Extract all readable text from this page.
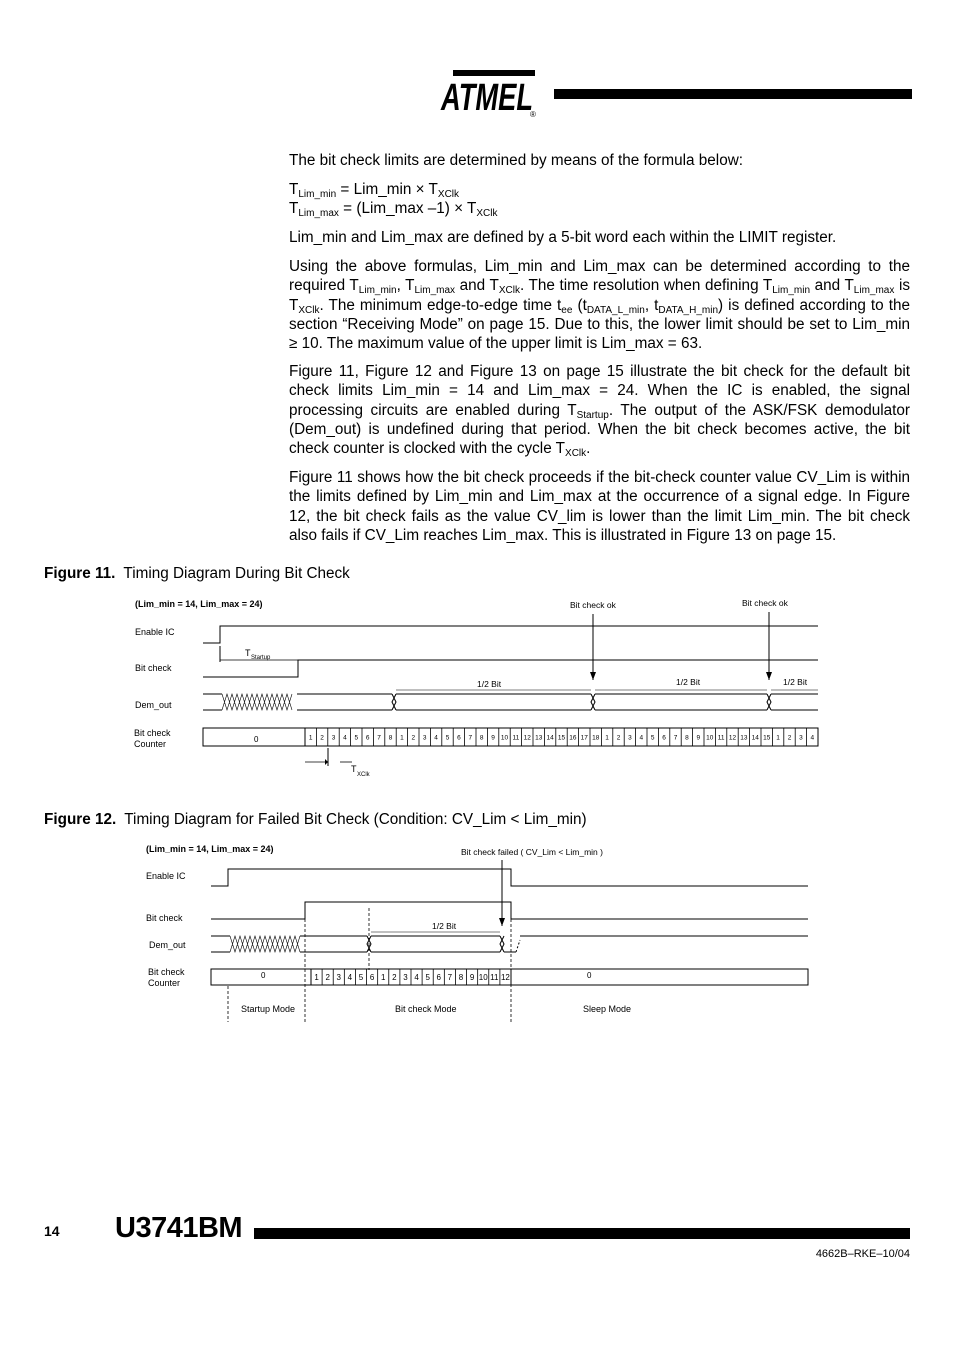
ATMEL
®
The bit check limits are determined by means of the formula below:
$T_{Lim\_min}$ = Lim_min × $T_{XClk}$
$T_{Lim\_max}$ = (Lim_max $-1) \times T_{XClk}$
Lim_min and Lim_max are defined by a 5-bit word each within the LIMIT register.
Using the above formulas, Lim_min and Lim_max can be determined according to the required $T_{Lim\_min}$, $T_{Lim\_max}$ and $T_{XClk}$. The time resolution when defining $T_{Lim\_min}$ and $T_{Lim\_max}$ is $T_{XClk}$. The minimum edge-to-edge time $t_{ee}$ ($t_{DATA\_L\_min}$, $t_{DATA\_H\_min}$) is defined according to the section “Receiving Mode” on page 15. Due to this, the lower limit should be set to Lim_min ≥ 10. The maximum value of the upper limit is Lim_max = 63.
Figure 11, Figure 12 and Figure 13 on page 15 illustrate the bit check for the default bit check limits Lim_min = 14 and Lim_max = 24. When the IC is enabled, the signal processing circuits are enabled during $T_{Startup}$. The output of the ASK/FSK demodulator (Dem_out) is undefined during that period. When the bit check becomes active, the bit check counter is clocked with the cycle $T_{XClk}$.
Figure 11 shows how the bit check proceeds if the bit-check counter value CV_Lim is within the limits defined by Lim_min and Lim_max at the occurrence of a signal edge. In Figure 12, the bit check fails as the value CV_lim is lower than the limit Lim_min. The bit check also fails if CV_Lim reaches Lim_max. This is illustrated in Figure 13 on page 15.
Figure 11. Timing Diagram During Bit Check
(Lim_min = 14, Lim_max = 24)
Enable IC
Bit check
Dem_out
Bit check
Counter
Bit check ok	Bit check ok
T Startup
T
XClk
1/2 Bit	1/2 Bit	1/2 Bit
0	1 2 3 4 5 6 7 8 1 2 3 4 5 6 7 8 9 10 11 12 13 14 15 16 17 18 1 2 3 4 5 6 7 8 9 10 11 12 13 14 15 1 2 3 4
Figure 12. Timing Diagram for Failed Bit Check (Condition: CV_Lim < Lim_min)
(Lim_min = 14, Lim_max = 24)
Enable IC
Bit check
Dem_out
Bit check
Counter
Bit check failed ( CV_Lim < Lim_min )
1/2 Bit
0	0
Startup Mode	Bit check Mode	Sleep Mode
1 2 3 4 5 6 1 2 3 4 5 6 7 8 9 10 11 12
14 U3741BM
4662B–RKE–10/04
